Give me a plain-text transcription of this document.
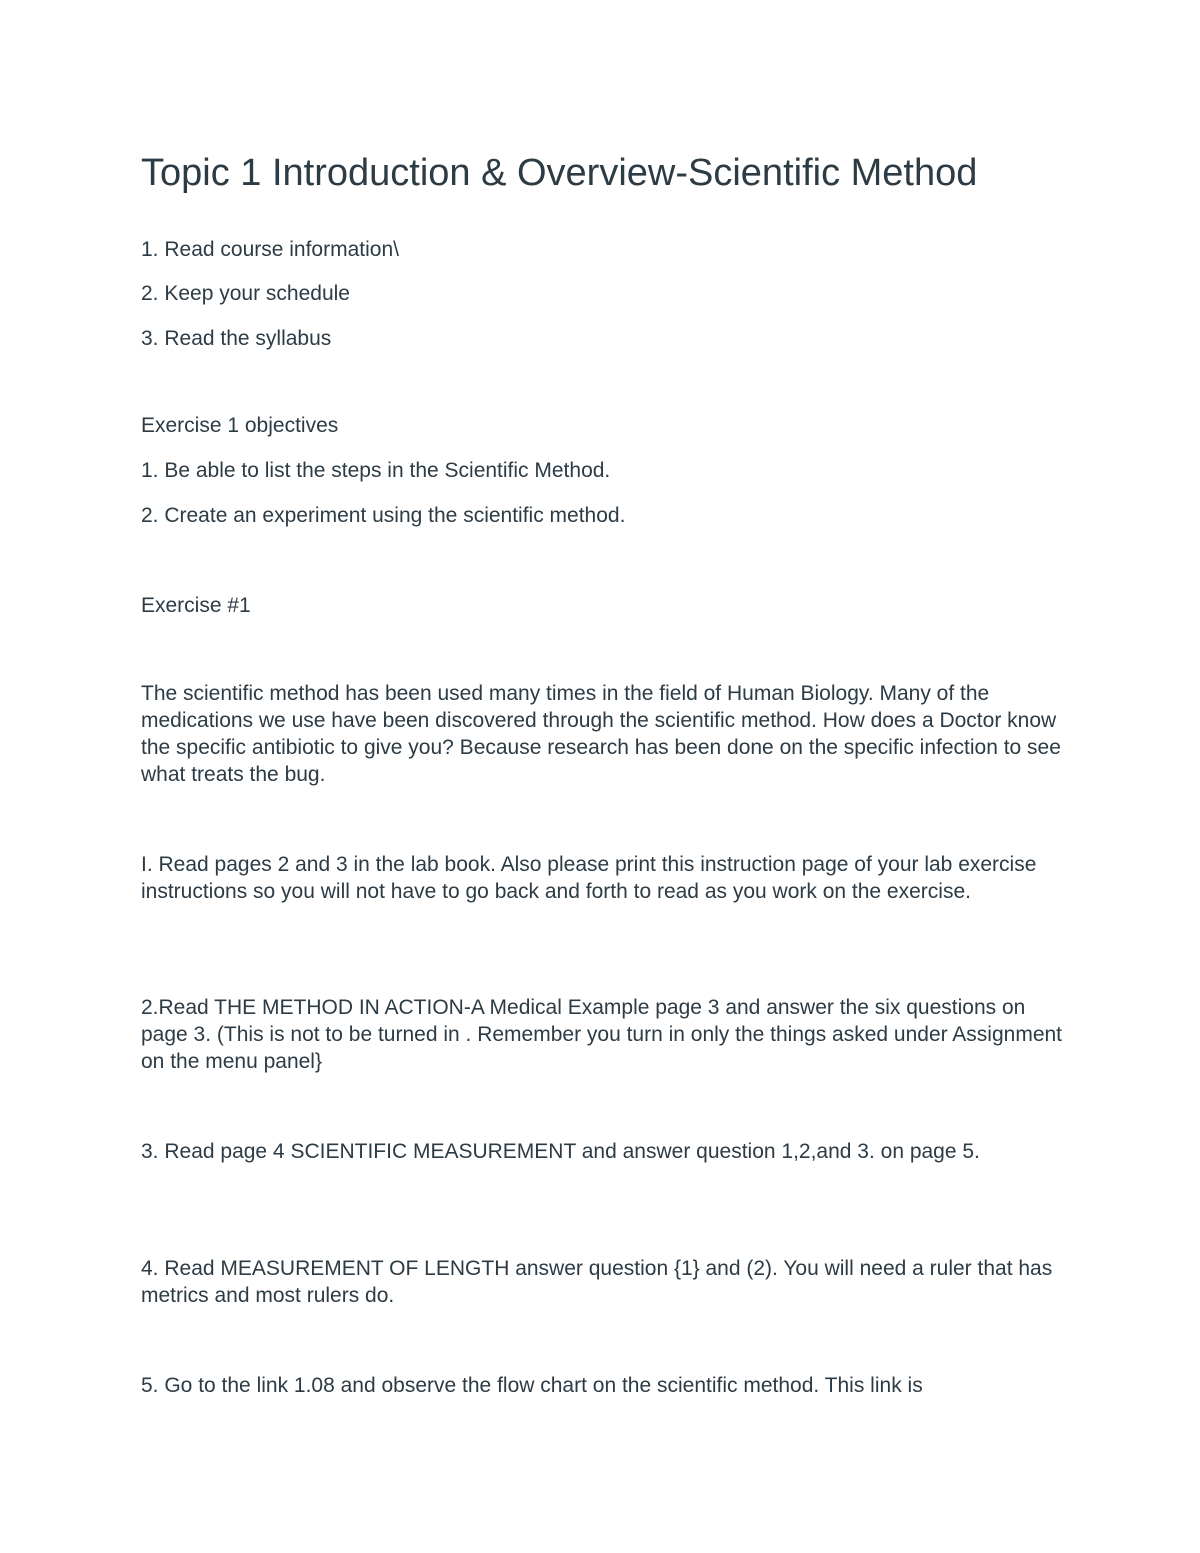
Topic 1 Introduction & Overview-Scientific Method

1. Read course information\

2. Keep your schedule

3. Read the syllabus

Exercise 1 objectives

1. Be able to list the steps in the Scientific Method.

2. Create an experiment using the scientific method.

Exercise #1

The scientific method has been used many times in the field of Human Biology. Many of the medications we use have been discovered through the scientific method. How does a Doctor know the specific antibiotic to give you? Because research has been done on the specific infection to see what treats the bug.

I. Read pages 2 and 3 in the lab book. Also please print this instruction page of your lab exercise instructions so you will not have to go back and forth to read as you work on the exercise.

2.Read THE METHOD IN ACTION-A Medical Example page 3 and answer the six questions on page 3. (This is not to be turned in . Remember you turn in only the things asked under Assignment on the menu panel}

3. Read page 4 SCIENTIFIC MEASUREMENT and answer question 1,2,and 3. on page 5.

4. Read MEASUREMENT OF LENGTH answer question {1} and (2). You will need a ruler that has metrics and most rulers do.

5. Go to the link 1.08 and observe the flow chart on the scientific method. This link is
